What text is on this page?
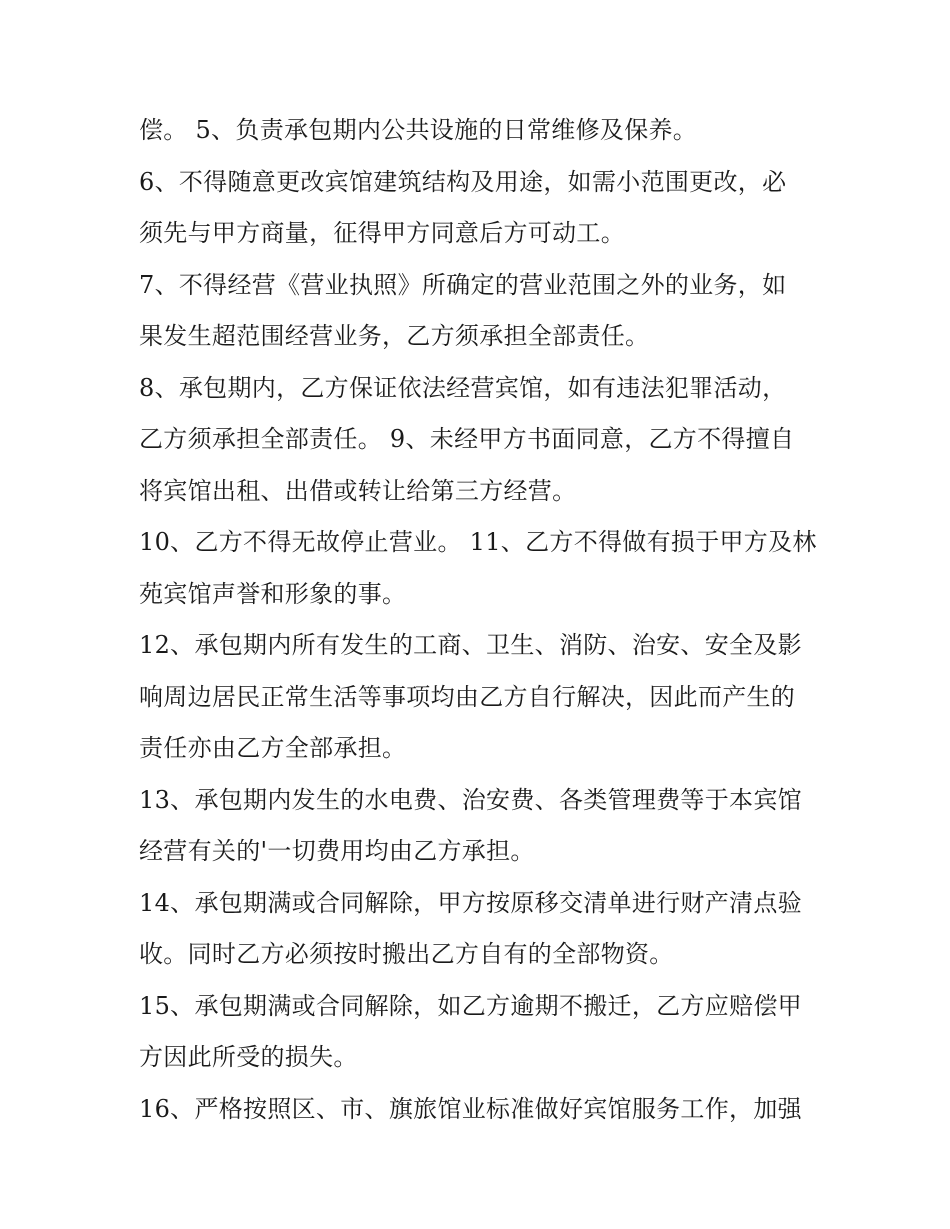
偿。 5、负责承包期内公共设施的日常维修及保养。
6、不得随意更改宾馆建筑结构及用途，如需小范围更改，必
须先与甲方商量，征得甲方同意后方可动工。
7、不得经营《营业执照》所确定的营业范围之外的业务，如
果发生超范围经营业务，乙方须承担全部责任。
8、承包期内，乙方保证依法经营宾馆，如有违法犯罪活动，
乙方须承担全部责任。 9、未经甲方书面同意，乙方不得擅自
将宾馆出租、出借或转让给第三方经营。
10、乙方不得无故停止营业。 11、乙方不得做有损于甲方及林
苑宾馆声誉和形象的事。
12、承包期内所有发生的工商、卫生、消防、治安、安全及影
响周边居民正常生活等事项均由乙方自行解决，因此而产生的
责任亦由乙方全部承担。
13、承包期内发生的水电费、治安费、各类管理费等于本宾馆
经营有关的'一切费用均由乙方承担。
14、承包期满或合同解除，甲方按原移交清单进行财产清点验
收。同时乙方必须按时搬出乙方自有的全部物资。
15、承包期满或合同解除，如乙方逾期不搬迁，乙方应赔偿甲
方因此所受的损失。
16、严格按照区、市、旗旅馆业标准做好宾馆服务工作，加强
